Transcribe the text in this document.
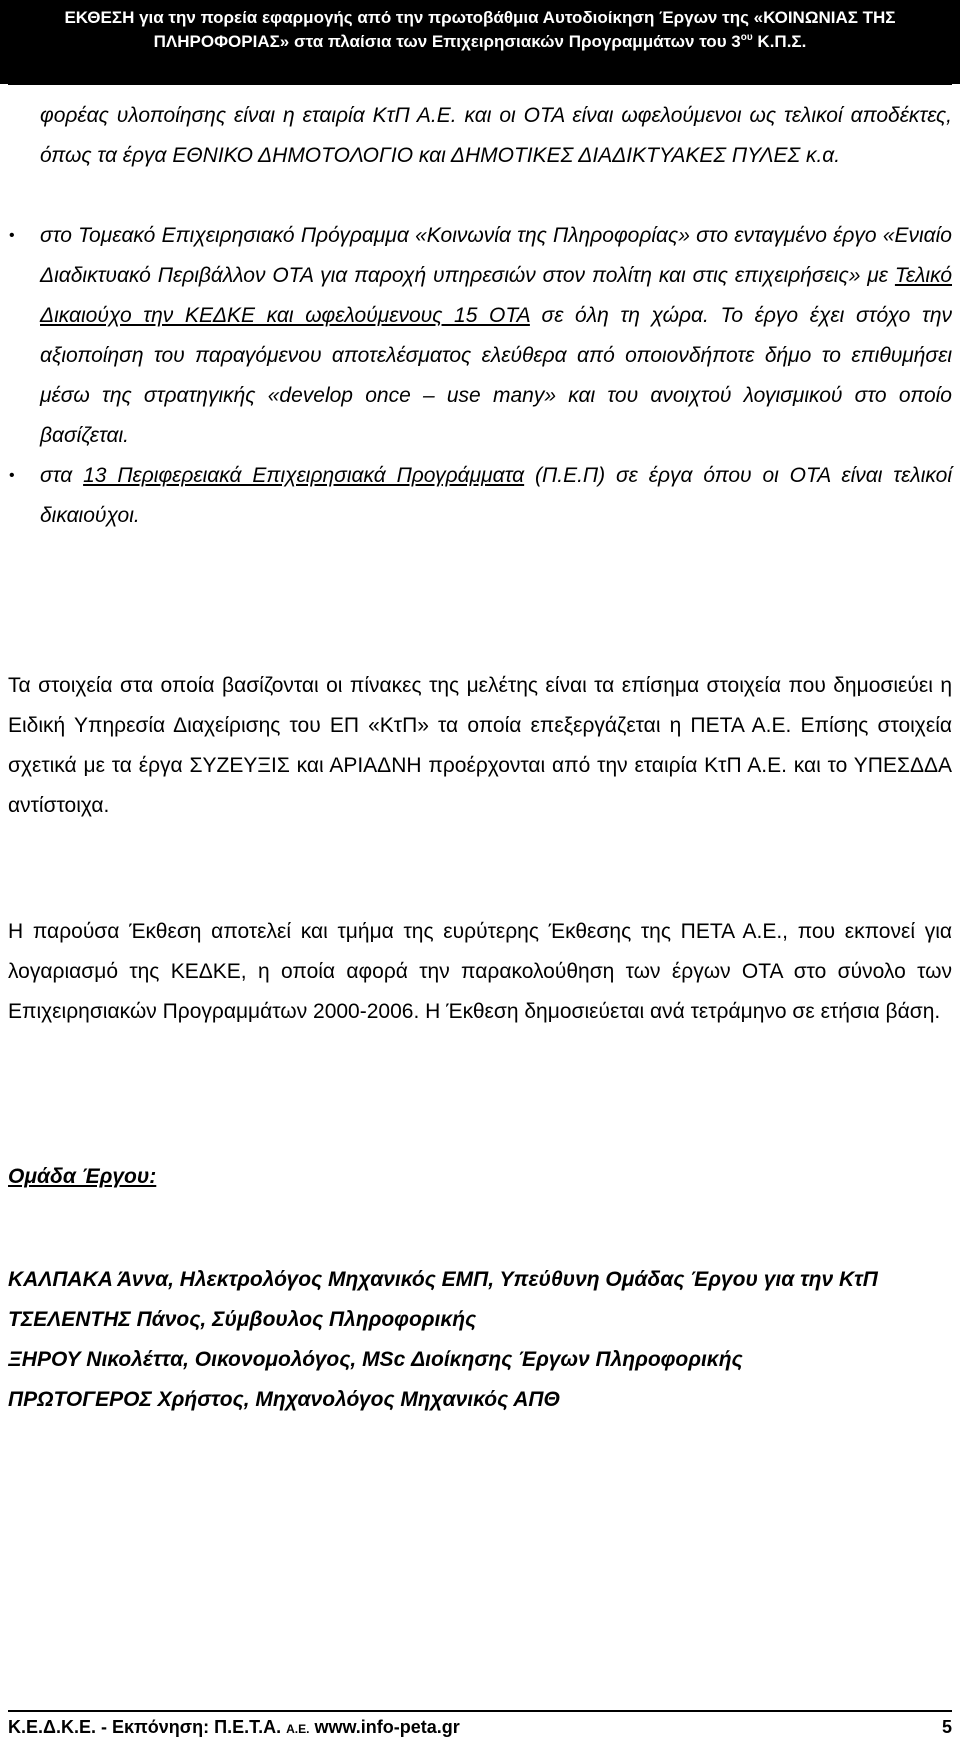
ΕΚΘΕΣΗ για την πορεία εφαρμογής από την πρωτοβάθμια Αυτοδιοίκηση Έργων της «ΚΟΙΝΩΝΙΑΣ ΤΗΣ
ΠΛΗΡΟΦΟΡΙΑΣ» στα πλαίσια των Επιχειρησιακών Προγραμμάτων του $3^{o\upsilon}$ Κ.Π.Σ.

φορέας υλοποίησης είναι η εταιρία ΚτΠ Α.Ε. και οι ΟΤΑ είναι ωφελούμενοι ως τελικοί αποδέκτες, όπως τα έργα ΕΘΝΙΚΟ ΔΗΜΟΤΟΛΟΓΙΟ και ΔΗΜΟΤΙΚΕΣ ΔΙΑΔΙΚΤΥΑΚΕΣ ΠΥΛΕΣ κ.α.

• στο Τομεακό Επιχειρησιακό Πρόγραμμα «Κοινωνία της Πληροφορίας» στο ενταγμένο έργο «Ενιαίο Διαδικτυακό Περιβάλλον ΟΤΑ για παροχή υπηρεσιών στον πολίτη και στις επιχειρήσεις» με Τελικό Δικαιούχο την ΚΕΔΚΕ και ωφελούμενους 15 ΟΤΑ σε όλη τη χώρα. Το έργο έχει στόχο την αξιοποίηση του παραγόμενου αποτελέσματος ελεύθερα από οποιονδήποτε δήμο το επιθυμήσει μέσω της στρατηγικής «develop once – use many» και του ανοιχτού λογισμικού στο οποίο βασίζεται.
• στα 13 Περιφερειακά Επιχειρησιακά Προγράμματα (Π.Ε.Π) σε έργα όπου οι ΟΤΑ είναι τελικοί δικαιούχοι.

Τα στοιχεία στα οποία βασίζονται οι πίνακες της μελέτης είναι τα επίσημα στοιχεία που δημοσιεύει η Ειδική Υπηρεσία Διαχείρισης του ΕΠ «ΚτΠ» τα οποία επεξεργάζεται η ΠΕΤΑ Α.Ε. Επίσης στοιχεία σχετικά με τα έργα ΣΥΖΕΥΞΙΣ και ΑΡΙΑΔΝΗ προέρχονται από την εταιρία ΚτΠ Α.Ε. και το ΥΠΕΣΔΔΑ αντίστοιχα.

Η παρούσα Έκθεση αποτελεί και τμήμα της ευρύτερης Έκθεσης της ΠΕΤΑ Α.Ε., που εκπονεί για λογαριασμό της ΚΕΔΚΕ, η οποία αφορά την παρακολούθηση των έργων ΟΤΑ στο σύνολο των Επιχειρησιακών Προγραμμάτων 2000-2006. Η Έκθεση δημοσιεύεται ανά τετράμηνο σε ετήσια βάση.

Ομάδα Έργου:

ΚΑΛΠΑΚΑ Άννα, Ηλεκτρολόγος Μηχανικός ΕΜΠ, Υπεύθυνη Ομάδας Έργου για την ΚτΠ
ΤΣΕΛΕΝΤΗΣ Πάνος, Σύμβουλος Πληροφορικής
ΞΗΡΟΥ Νικολέττα, Οικονομολόγος, MSc Διοίκησης Έργων Πληροφορικής
ΠΡΩΤΟΓΕΡΟΣ Χρήστος, Μηχανολόγος Μηχανικός ΑΠΘ
Κ.Ε.Δ.Κ.Ε. - Εκπόνηση: Π.Ε.Τ.Α. Α.Ε. www.info-peta.gr	5
